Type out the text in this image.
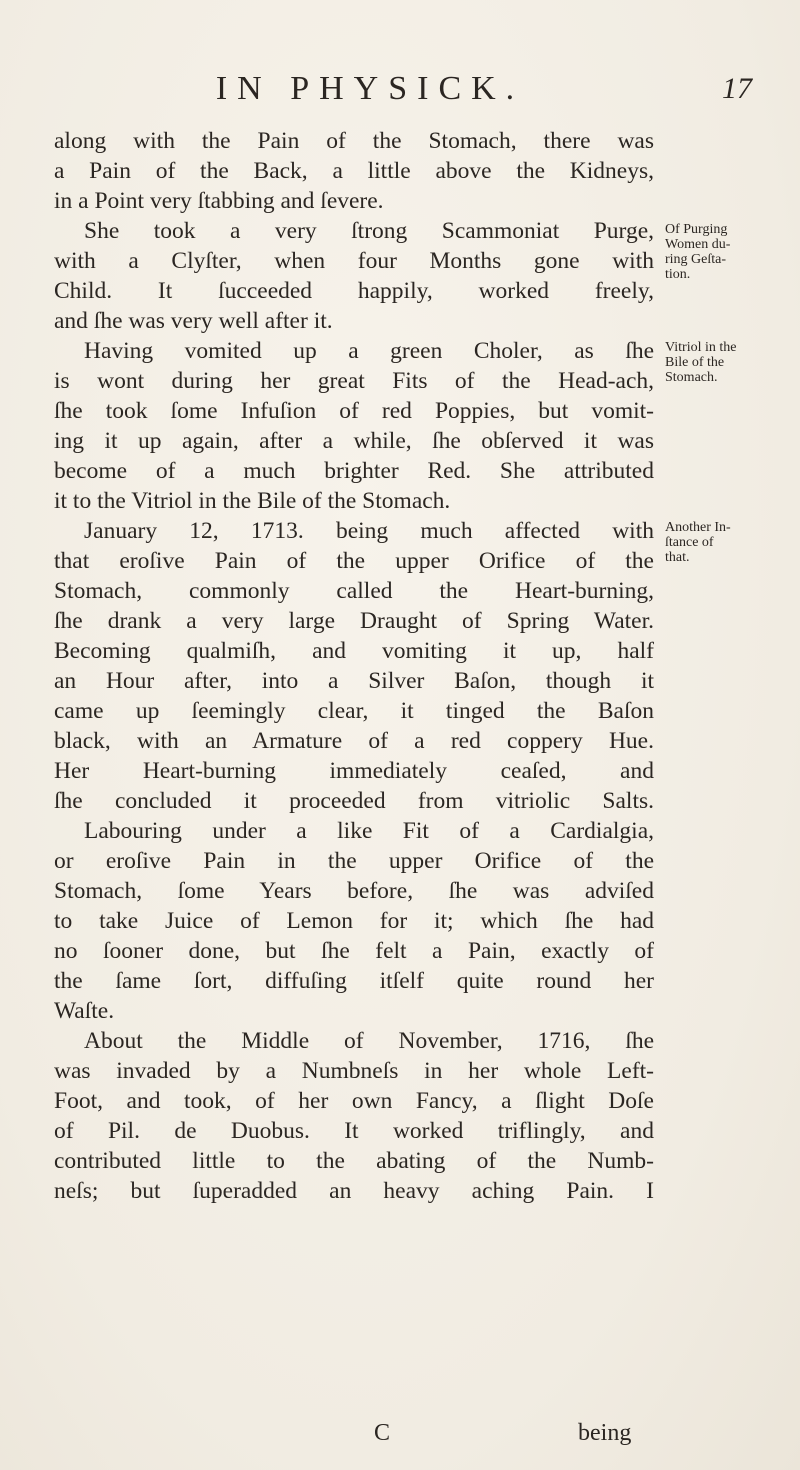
IN PHYSICK.	17
along with the Pain of the Stomach, there was
a Pain of the Back, a little above the Kidneys,
in a Point very ſtabbing and ſevere.
She took a very ſtrong Scammoniat Purge,
with a Clyſter, when four Months gone with
Child. It ſucceeded happily, worked freely,
and ſhe was very well after it.
Having vomited up a green Choler, as ſhe
is wont during her great Fits of the Head-ach,
ſhe took ſome Infuſion of red Poppies, but vomit-
ing it up again, after a while, ſhe obſerved it was
become of a much brighter Red. She attributed
it to the Vitriol in the Bile of the Stomach.
January 12, 1713. being much affected with
that eroſive Pain of the upper Orifice of the
Stomach, commonly called the Heart-burning,
ſhe drank a very large Draught of Spring Water.
Becoming qualmiſh, and vomiting it up, half
an Hour after, into a Silver Baſon, though it
came up ſeemingly clear, it tinged the Baſon
black, with an Armature of a red coppery Hue.
Her Heart-burning immediately ceaſed, and
ſhe concluded it proceeded from vitriolic Salts.
Labouring under a like Fit of a Cardialgia,
or eroſive Pain in the upper Orifice of the
Stomach, ſome Years before, ſhe was adviſed
to take Juice of Lemon for it; which ſhe had
no ſooner done, but ſhe felt a Pain, exactly of
the ſame ſort, diffuſing itſelf quite round her
Waſte.
About the Middle of November, 1716, ſhe
was invaded by a Numbneſs in her whole Left-
Foot, and took, of her own Fancy, a ſlight Doſe
of Pil. de Duobus. It worked triflingly, and
contributed little to the abating of the Numb-
neſs; but ſuperadded an heavy aching Pain. I
Of Purging
Women du-
ring Geſta-
tion.
Vitriol in the
Bile of the
Stomach.
Another In-
ſtance of
that.
C	being
